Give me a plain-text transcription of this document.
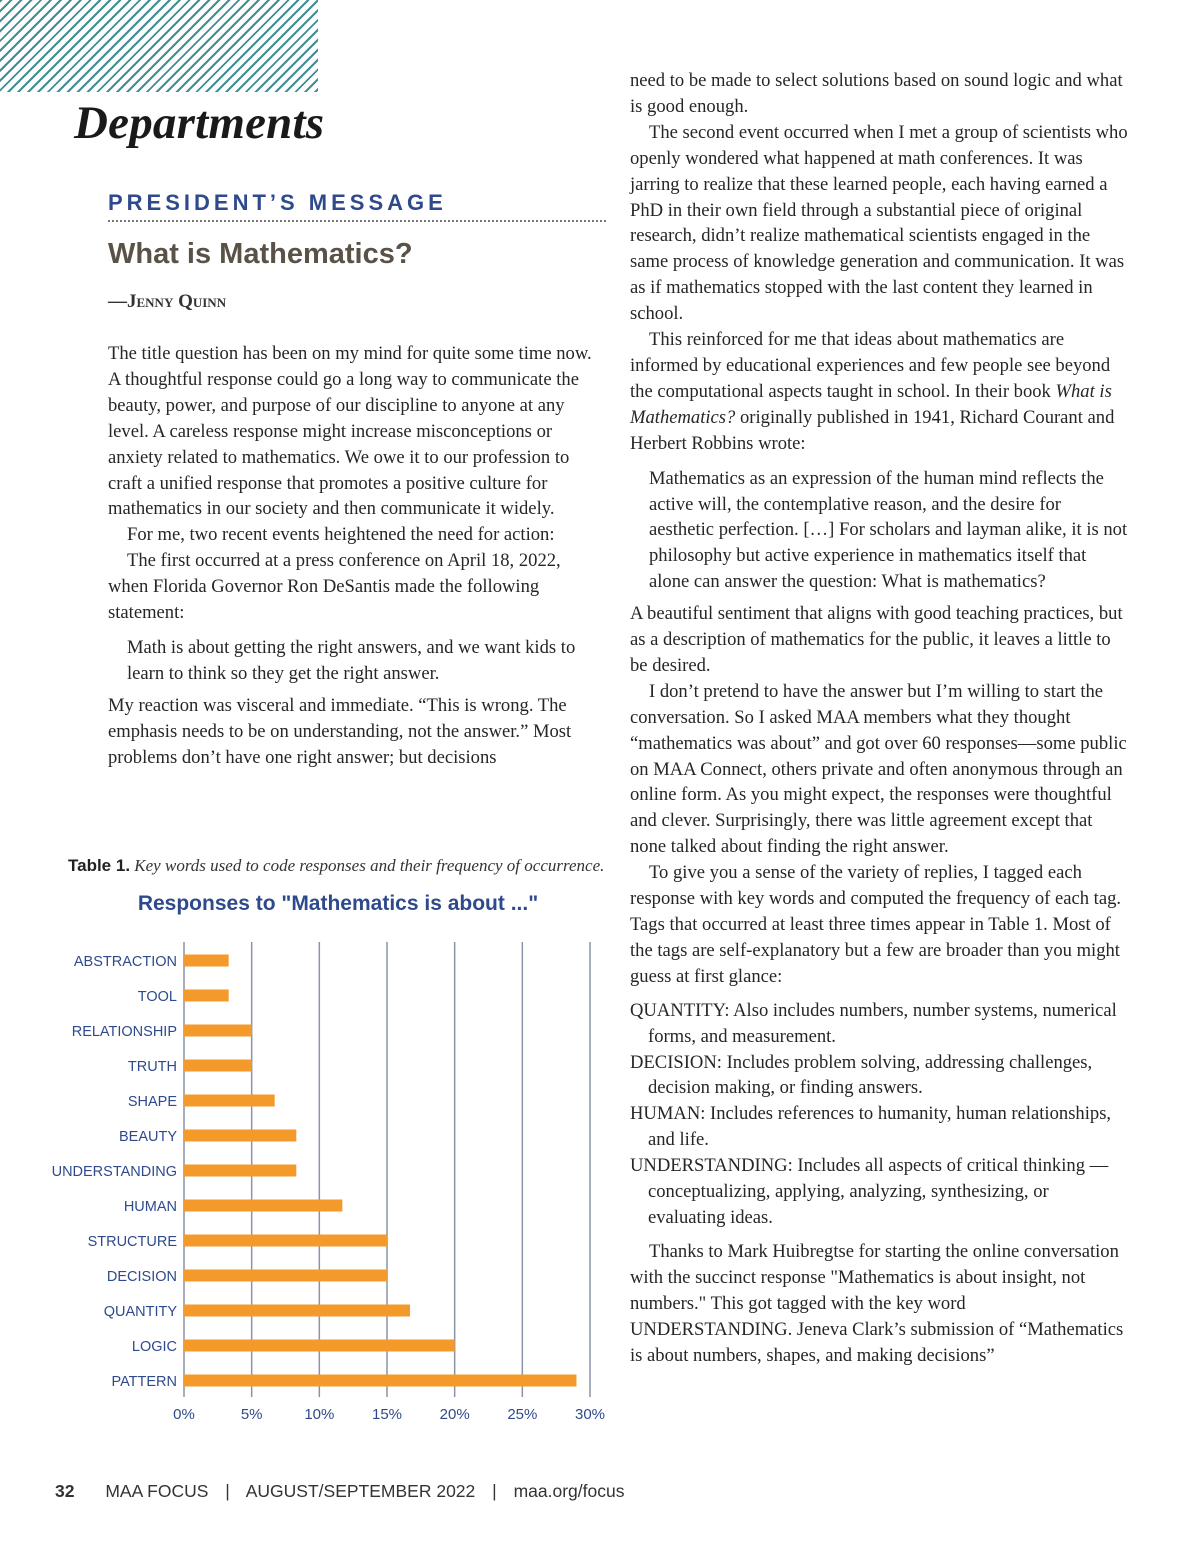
Departments
PRESIDENT’S MESSAGE
What is Mathematics?
—Jenny Quinn

The title question has been on my mind for quite some time now. A thoughtful response could go a long way to communicate the beauty, power, and purpose of our discipline to anyone at any level. A careless response might increase misconceptions or anxiety related to mathematics. We owe it to our profession to craft a unified response that promotes a positive culture for mathematics in our society and then communicate it widely.

For me, two recent events heightened the need for action:

The first occurred at a press conference on April 18, 2022, when Florida Governor Ron DeSantis made the following statement:

Math is about getting the right answers, and we want kids to learn to think so they get the right answer.

My reaction was visceral and immediate. “This is wrong. The emphasis needs to be on understanding, not the answer.” Most problems don’t have one right answer; but decisions

Table 1. Key words used to code responses and their frequency of occurrence.
Responses to "Mathematics is about ..."
0%	5%	10%	15%	20%	25%	30%
ABSTRACTION
TOOL
RELATIONSHIP
TRUTH
SHAPE
BEAUTY
UNDERSTANDING
HUMAN
STRUCTURE
DECISION
QUANTITY
LOGIC
PATTERN

need to be made to select solutions based on sound logic and what is good enough.

The second event occurred when I met a group of scientists who openly wondered what happened at math conferences. It was jarring to realize that these learned people, each having earned a PhD in their own field through a substantial piece of original research, didn’t realize mathematical scientists engaged in the same process of knowledge generation and communication. It was as if mathematics stopped with the last content they learned in school.

This reinforced for me that ideas about mathematics are informed by educational experiences and few people see beyond the computational aspects taught in school. In their book What is Mathematics? originally published in 1941, Richard Courant and Herbert Robbins wrote:

Mathematics as an expression of the human mind reflects the active will, the contemplative reason, and the desire for aesthetic perfection. […] For scholars and layman alike, it is not philosophy but active experience in mathematics itself that alone can answer the question: What is mathematics?

A beautiful sentiment that aligns with good teaching practices, but as a description of mathematics for the public, it leaves a little to be desired.

I don’t pretend to have the answer but I’m willing to start the conversation. So I asked MAA members what they thought “mathematics was about” and got over 60 responses—some public on MAA Connect, others private and often anonymous through an online form. As you might expect, the responses were thoughtful and clever. Surprisingly, there was little agreement except that none talked about finding the right answer.

To give you a sense of the variety of replies, I tagged each response with key words and computed the frequency of each tag. Tags that occurred at least three times appear in Table 1. Most of the tags are self-explanatory but a few are broader than you might guess at first glance:

QUANTITY: Also includes numbers, number systems, numerical forms, and measurement.

DECISION: Includes problem solving, addressing challenges, decision making, or finding answers.

HUMAN: Includes references to humanity, human relationships, and life.

UNDERSTANDING: Includes all aspects of critical thinking —conceptualizing, applying, analyzing, synthesizing, or evaluating ideas.

Thanks to Mark Huibregtse for starting the online conversation with the succinct response "Mathematics is about insight, not numbers." This got tagged with the key word UNDERSTANDING. Jeneva Clark’s submission of “Mathematics is about numbers, shapes, and making decisions”

32 MAA FOCUS | AUGUST/SEPTEMBER 2022 | maa.org/focus
